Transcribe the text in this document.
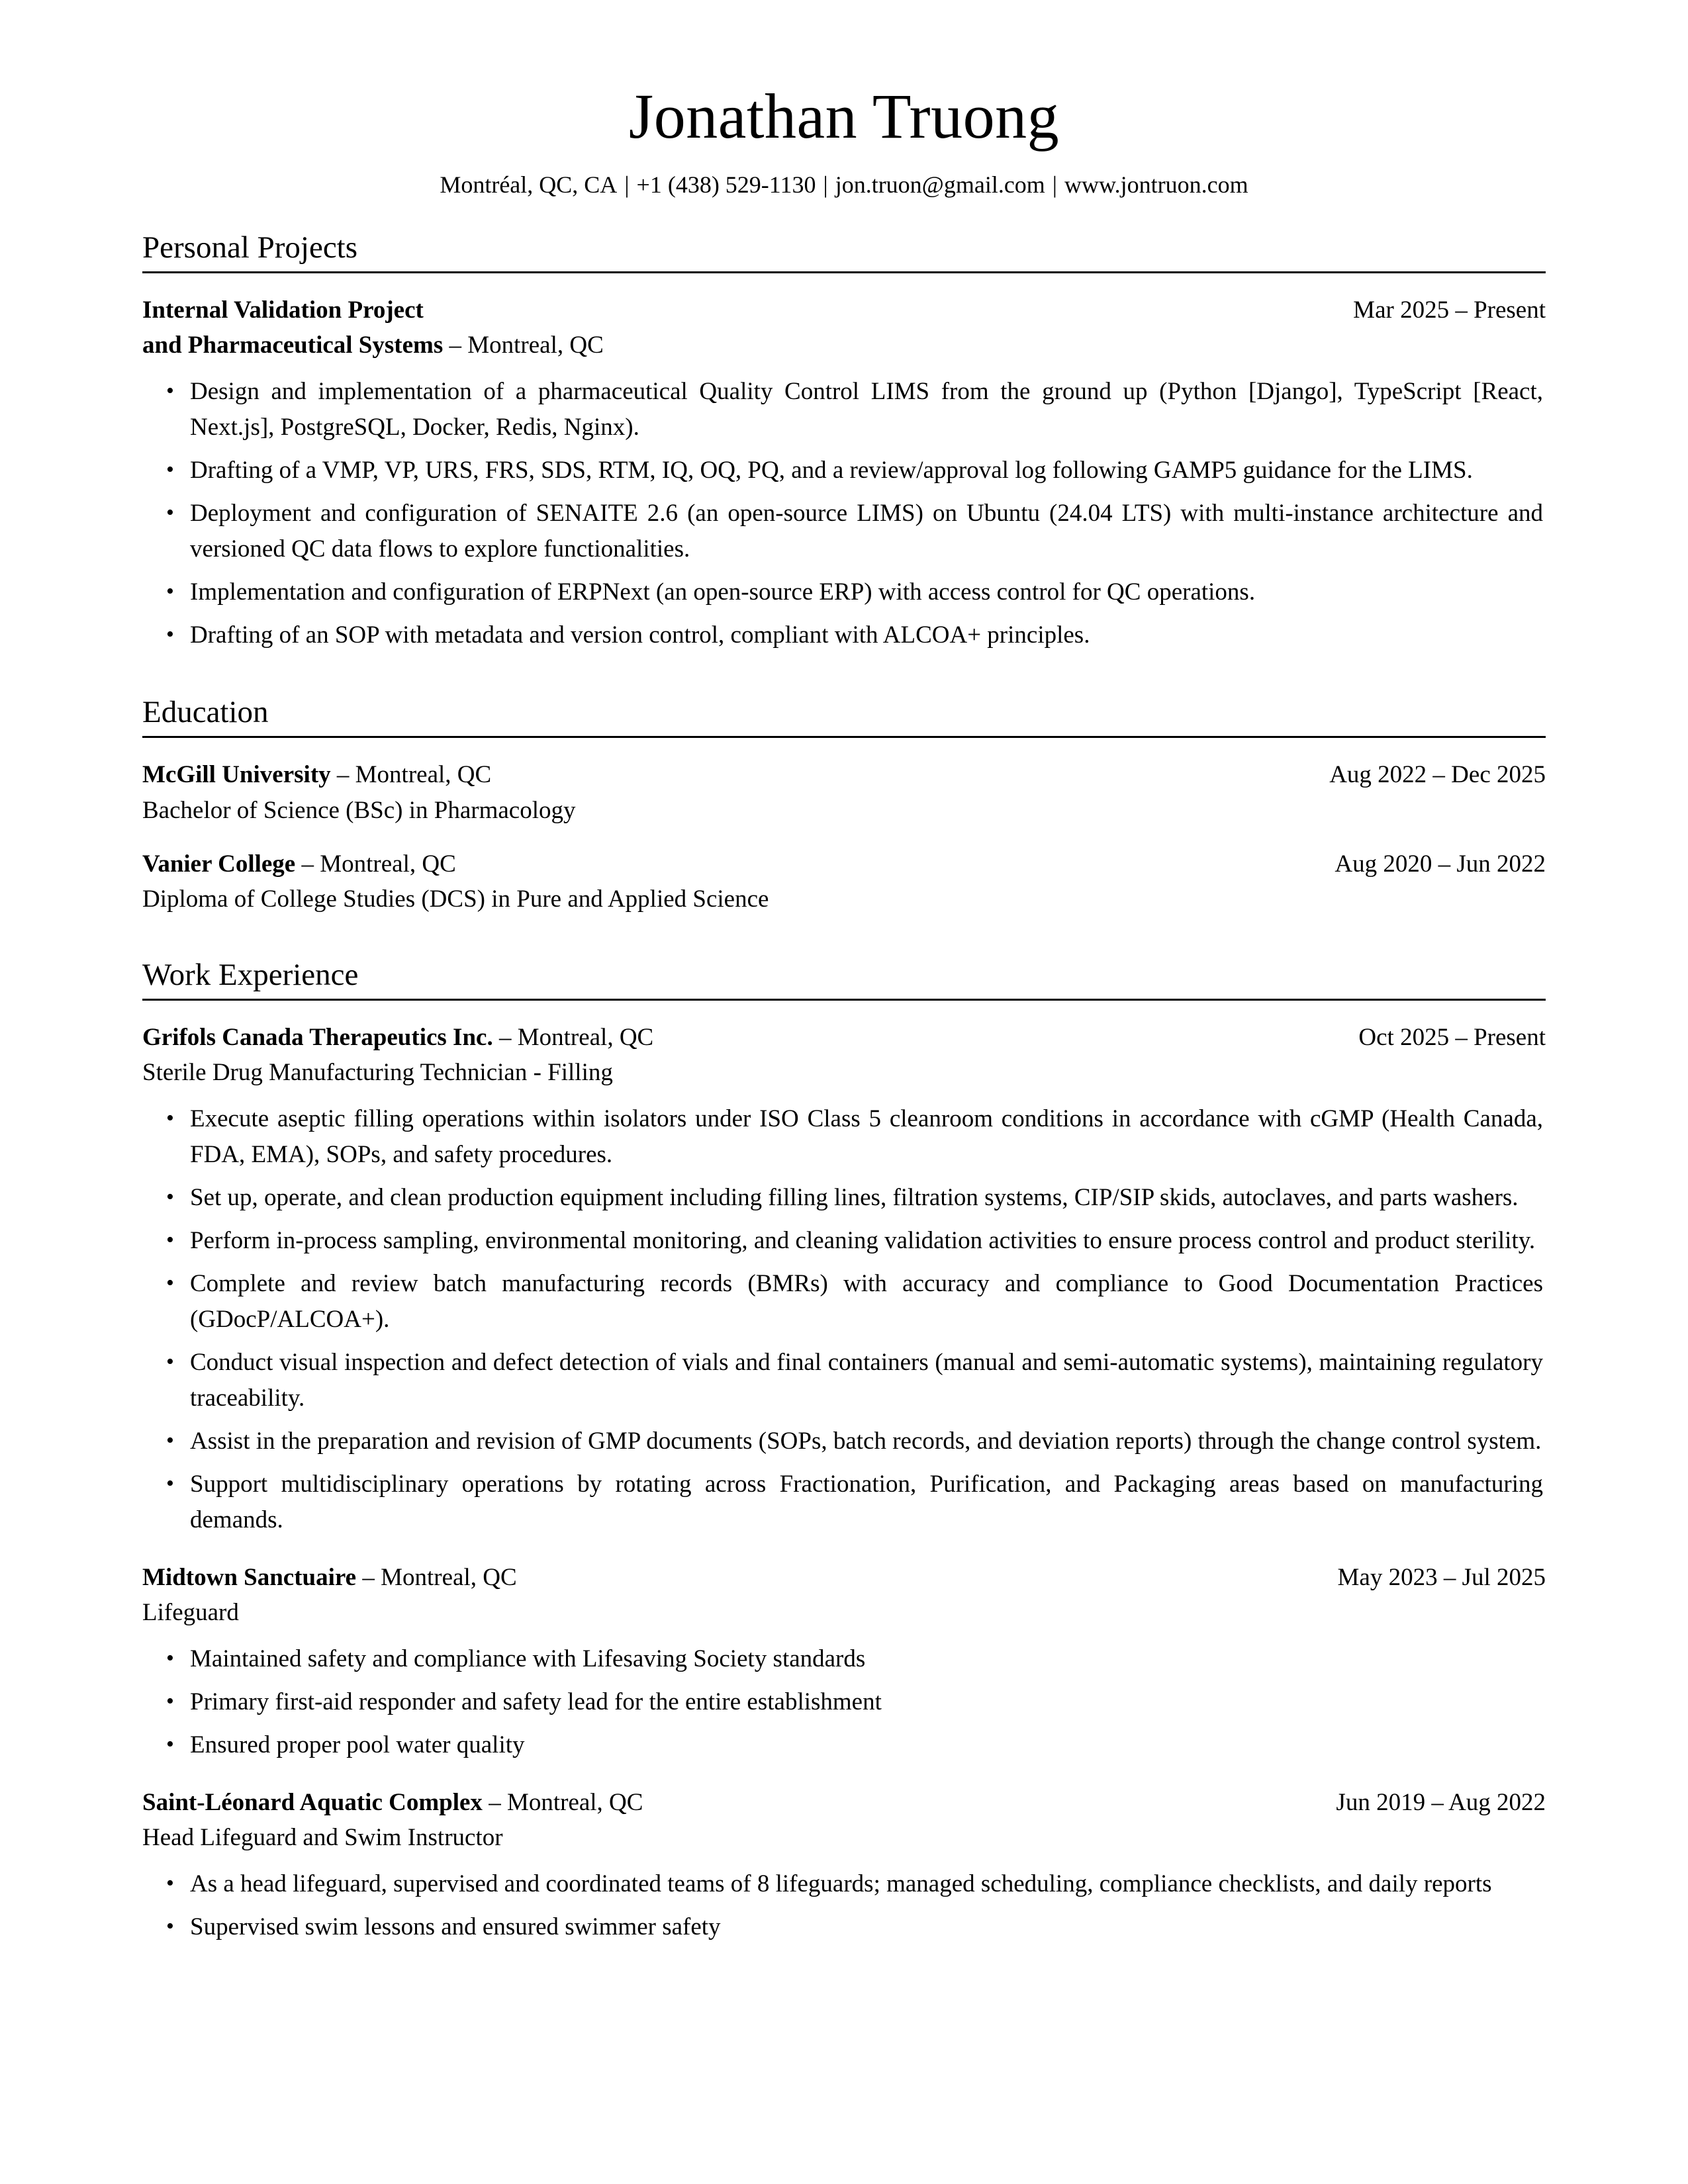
Jonathan Truong
Montréal, QC, CA | +1 (438) 529-1130 | jon.truon@gmail.com | www.jontruon.com
Personal Projects
Internal Validation Project	Mar 2025 – Present
and Pharmaceutical Systems – Montreal, QC
• Design and implementation of a pharmaceutical Quality Control LIMS from the ground up (Python [Django], TypeScript [React, Next.js], PostgreSQL, Docker, Redis, Nginx).
• Drafting of a VMP, VP, URS, FRS, SDS, RTM, IQ, OQ, PQ, and a review/approval log following GAMP5 guidance for the LIMS.
• Deployment and configuration of SENAITE 2.6 (an open-source LIMS) on Ubuntu (24.04 LTS) with multi-instance architecture and versioned QC data flows to explore functionalities.
• Implementation and configuration of ERPNext (an open-source ERP) with access control for QC operations.
• Drafting of an SOP with metadata and version control, compliant with ALCOA+ principles.
Education
McGill University – Montreal, QC	Aug 2022 – Dec 2025
Bachelor of Science (BSc) in Pharmacology
Vanier College – Montreal, QC	Aug 2020 – Jun 2022
Diploma of College Studies (DCS) in Pure and Applied Science
Work Experience
Grifols Canada Therapeutics Inc. – Montreal, QC	Oct 2025 – Present
Sterile Drug Manufacturing Technician - Filling
• Execute aseptic filling operations within isolators under ISO Class 5 cleanroom conditions in accordance with cGMP (Health Canada, FDA, EMA), SOPs, and safety procedures.
• Set up, operate, and clean production equipment including filling lines, filtration systems, CIP/SIP skids, autoclaves, and parts washers.
• Perform in-process sampling, environmental monitoring, and cleaning validation activities to ensure process control and product sterility.
• Complete and review batch manufacturing records (BMRs) with accuracy and compliance to Good Documentation Practices (GDocP/ALCOA+).
• Conduct visual inspection and defect detection of vials and final containers (manual and semi-automatic systems), maintaining regulatory traceability.
• Assist in the preparation and revision of GMP documents (SOPs, batch records, and deviation reports) through the change control system.
• Support multidisciplinary operations by rotating across Fractionation, Purification, and Packaging areas based on manufacturing demands.
Midtown Sanctuaire – Montreal, QC	May 2023 – Jul 2025
Lifeguard
• Maintained safety and compliance with Lifesaving Society standards
• Primary first-aid responder and safety lead for the entire establishment
• Ensured proper pool water quality
Saint-Léonard Aquatic Complex – Montreal, QC	Jun 2019 – Aug 2022
Head Lifeguard and Swim Instructor
• As a head lifeguard, supervised and coordinated teams of 8 lifeguards; managed scheduling, compliance checklists, and daily reports
• Supervised swim lessons and ensured swimmer safety
